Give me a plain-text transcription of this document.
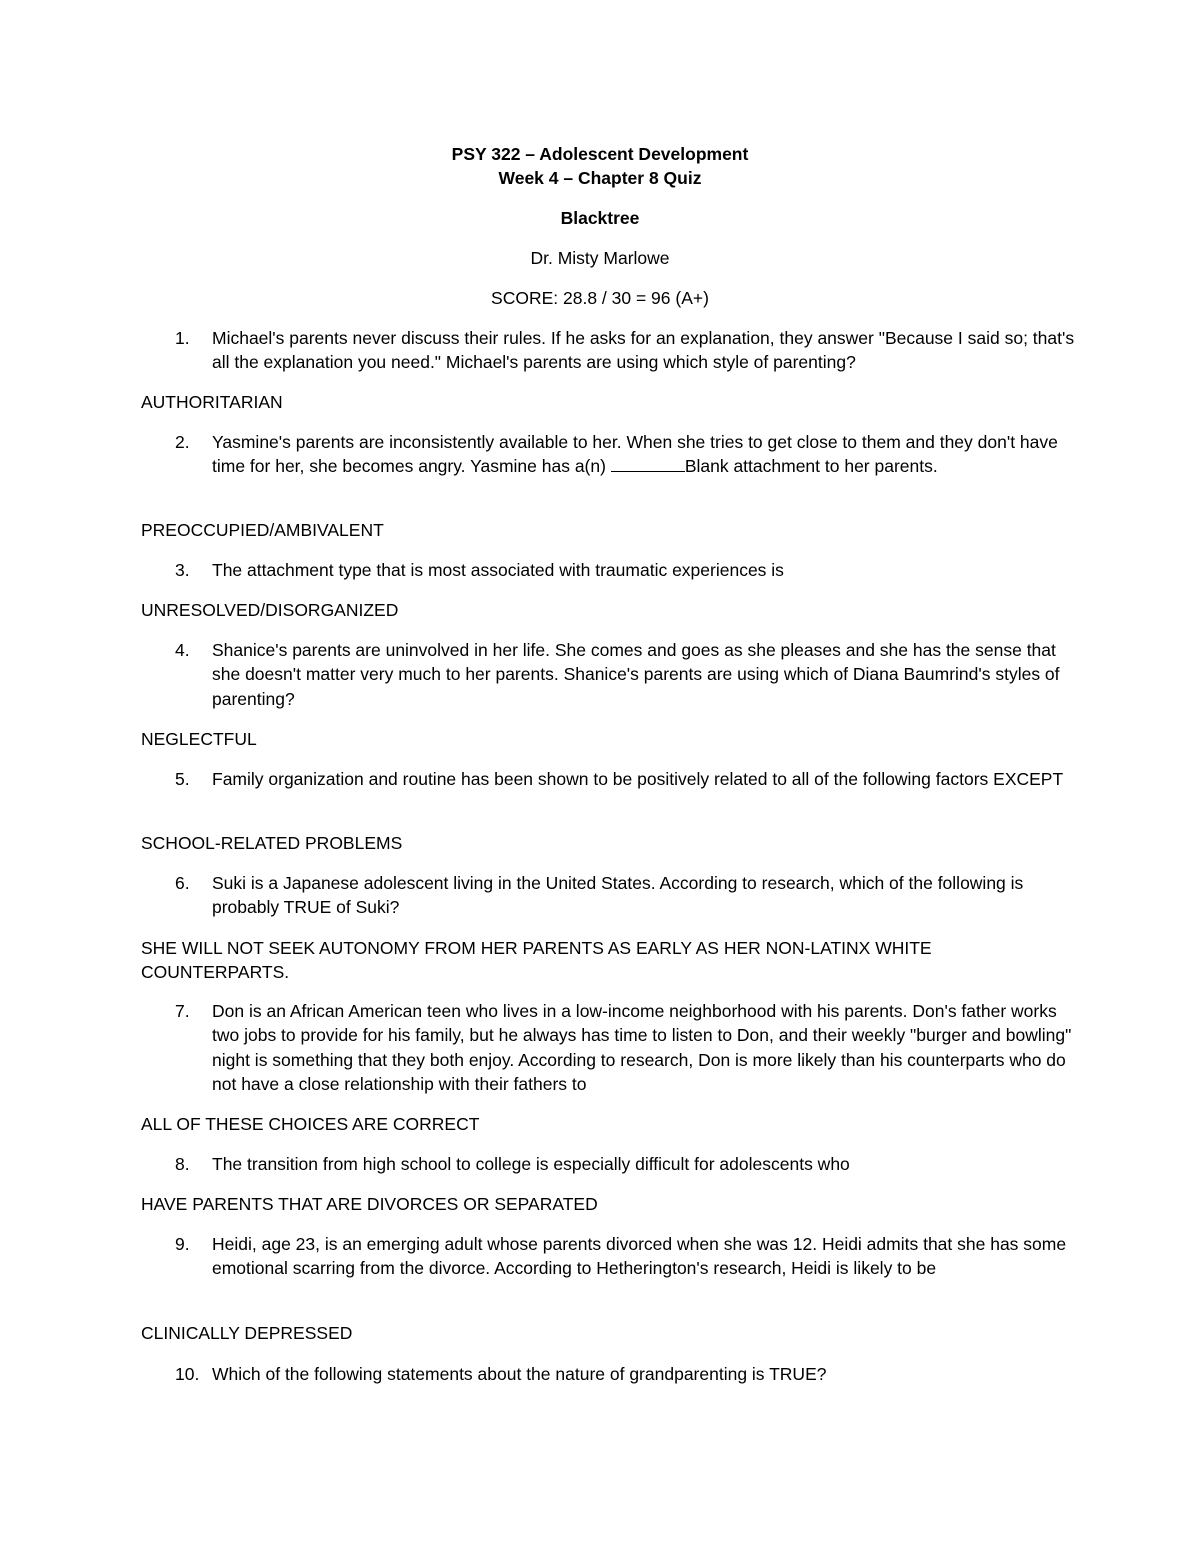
PSY 322 – Adolescent Development
Week 4 – Chapter 8 Quiz
Blacktree
Dr. Misty Marlowe
SCORE: 28.8 / 30 = 96 (A+)
1. Michael's parents never discuss their rules. If he asks for an explanation, they answer "Because I said so; that's all the explanation you need." Michael's parents are using which style of parenting?
AUTHORITARIAN
2. Yasmine's parents are inconsistently available to her. When she tries to get close to them and they don't have time for her, she becomes angry. Yasmine has a(n)	Blank attachment to her parents.
PREOCCUPIED/AMBIVALENT
3. The attachment type that is most associated with traumatic experiences is
UNRESOLVED/DISORGANIZED
4. Shanice's parents are uninvolved in her life. She comes and goes as she pleases and she has the sense that she doesn't matter very much to her parents. Shanice's parents are using which of Diana Baumrind's styles of parenting?
NEGLECTFUL
5. Family organization and routine has been shown to be positively related to all of the following factors EXCEPT
SCHOOL-RELATED PROBLEMS
6. Suki is a Japanese adolescent living in the United States. According to research, which of the following is probably TRUE of Suki?
SHE WILL NOT SEEK AUTONOMY FROM HER PARENTS AS EARLY AS HER NON-LATINX WHITE COUNTERPARTS.
7. Don is an African American teen who lives in a low-income neighborhood with his parents. Don's father works two jobs to provide for his family, but he always has time to listen to Don, and their weekly "burger and bowling" night is something that they both enjoy. According to research, Don is more likely than his counterparts who do not have a close relationship with their fathers to
ALL OF THESE CHOICES ARE CORRECT
8. The transition from high school to college is especially difficult for adolescents who
HAVE PARENTS THAT ARE DIVORCES OR SEPARATED
9. Heidi, age 23, is an emerging adult whose parents divorced when she was 12. Heidi admits that she has some emotional scarring from the divorce. According to Hetherington's research, Heidi is likely to be
CLINICALLY DEPRESSED
10. Which of the following statements about the nature of grandparenting is TRUE?
